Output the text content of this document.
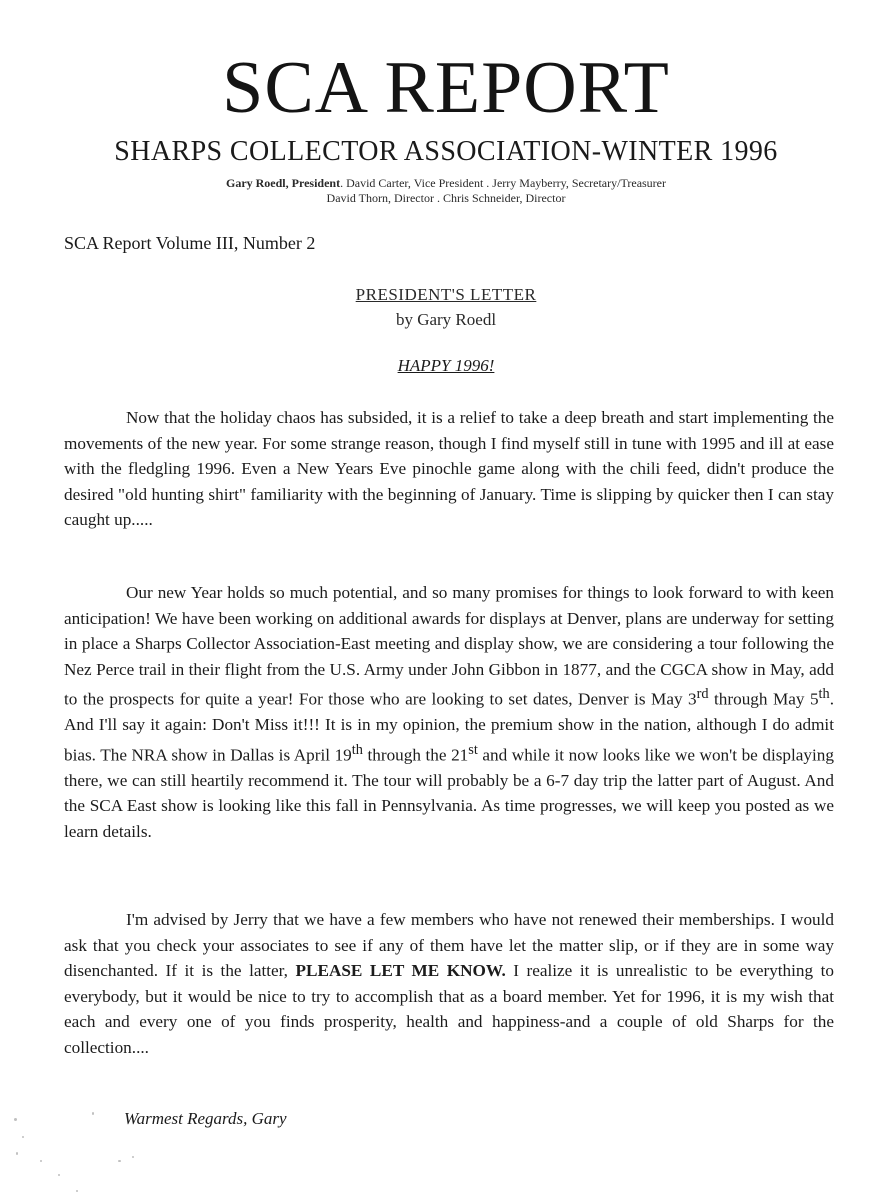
SCA REPORT
SHARPS COLLECTOR ASSOCIATION-WINTER 1996
Gary Roedl, President. David Carter, Vice President . Jerry Mayberry, Secretary/Treasurer
David Thorn, Director . Chris Schneider, Director
SCA Report Volume III, Number 2
PRESIDENT'S LETTER
by Gary Roedl
HAPPY 1996!
Now that the holiday chaos has subsided, it is a relief to take a deep breath and start implementing the movements of the new year. For some strange reason, though I find myself still in tune with 1995 and ill at ease with the fledgling 1996. Even a New Years Eve pinochle game along with the chili feed, didn't produce the desired "old hunting shirt" familiarity with the beginning of January. Time is slipping by quicker then I can stay caught up.....
Our new Year holds so much potential, and so many promises for things to look forward to with keen anticipation! We have been working on additional awards for displays at Denver, plans are underway for setting in place a Sharps Collector Association-East meeting and display show, we are considering a tour following the Nez Perce trail in their flight from the U.S. Army under John Gibbon in 1877, and the CGCA show in May, add to the prospects for quite a year! For those who are looking to set dates, Denver is May 3rd through May 5th. And I'll say it again: Don't Miss it!!! It is in my opinion, the premium show in the nation, although I do admit bias. The NRA show in Dallas is April 19th through the 21st and while it now looks like we won't be displaying there, we can still heartily recommend it. The tour will probably be a 6-7 day trip the latter part of August. And the SCA East show is looking like this fall in Pennsylvania. As time progresses, we will keep you posted as we learn details.
I'm advised by Jerry that we have a few members who have not renewed their memberships. I would ask that you check your associates to see if any of them have let the matter slip, or if they are in some way disenchanted. If it is the latter, PLEASE LET ME KNOW. I realize it is unrealistic to be everything to everybody, but it would be nice to try to accomplish that as a board member. Yet for 1996, it is my wish that each and every one of you finds prosperity, health and happiness-and a couple of old Sharps for the collection....
Warmest Regards, Gary
